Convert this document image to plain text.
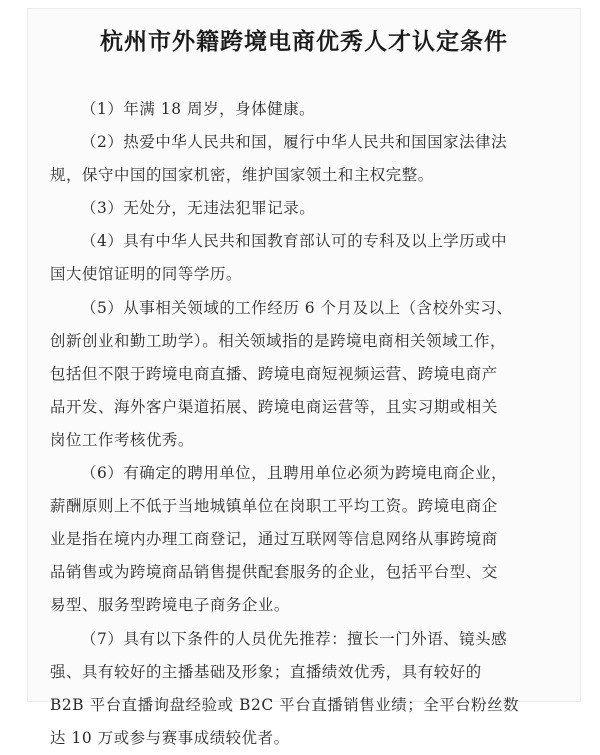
杭州市外籍跨境电商优秀人才认定条件
（1）年满 18 周岁，身体健康。
（2）热爱中华人民共和国，履行中华人民共和国国家法律法
规，保守中国的国家机密，维护国家领土和主权完整。
（3）无处分，无违法犯罪记录。
（4）具有中华人民共和国教育部认可的专科及以上学历或中
国大使馆证明的同等学历。
（5）从事相关领域的工作经历 6 个月及以上（含校外实习、
创新创业和勤工助学）。相关领域指的是跨境电商相关领域工作，
包括但不限于跨境电商直播、跨境电商短视频运营、跨境电商产
品开发、海外客户渠道拓展、跨境电商运营等，且实习期或相关
岗位工作考核优秀。
（6）有确定的聘用单位，且聘用单位必须为跨境电商企业，
薪酬原则上不低于当地城镇单位在岗职工平均工资。跨境电商企
业是指在境内办理工商登记，通过互联网等信息网络从事跨境商
品销售或为跨境商品销售提供配套服务的企业，包括平台型、交
易型、服务型跨境电子商务企业。
（7）具有以下条件的人员优先推荐：擅长一门外语、镜头感
强、具有较好的主播基础及形象；直播绩效优秀，具有较好的
B2B 平台直播询盘经验或 B2C 平台直播销售业绩；全平台粉丝数
达 10 万或参与赛事成绩较优者。
